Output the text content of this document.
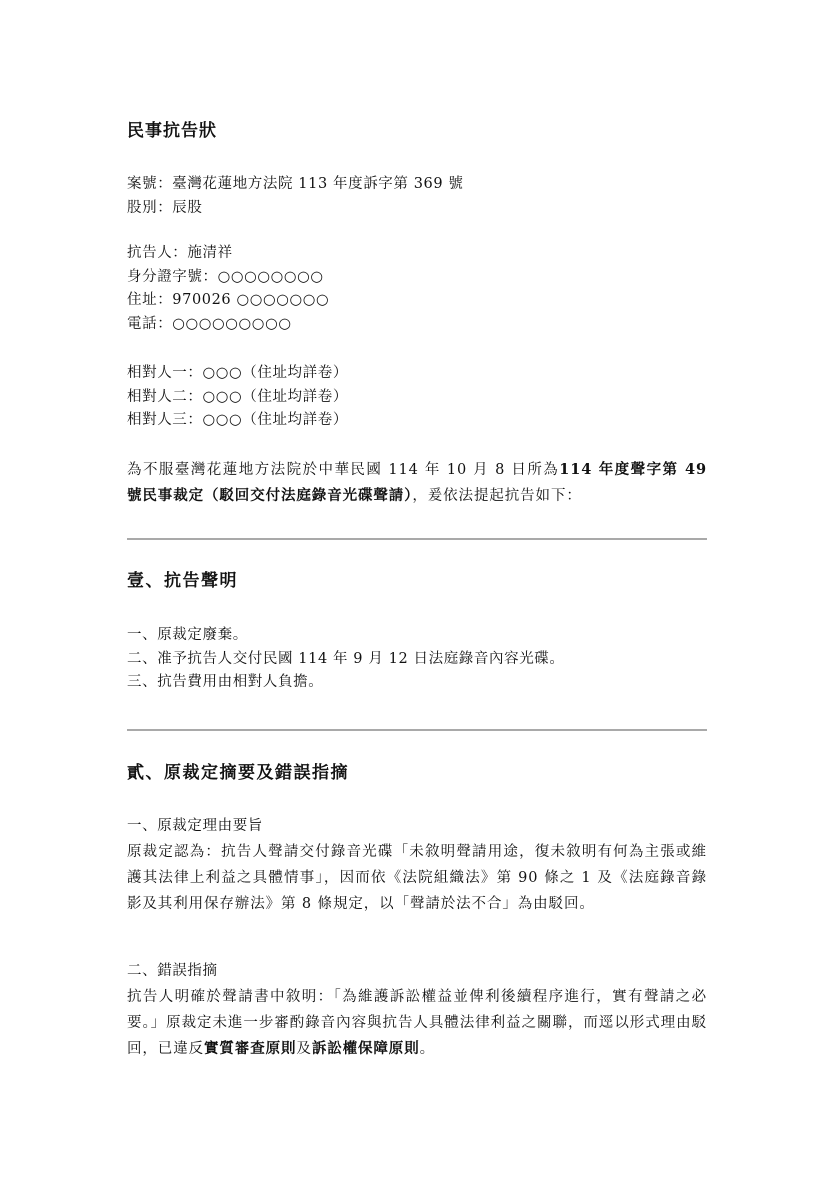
民事抗告狀
案號：臺灣花蓮地方法院 113 年度訴字第 369 號
股別：辰股
抗告人：施清祥
身分證字號：○○○○○○○○
住址：970026 ○○○○○○○
電話：○○○○○○○○○
相對人一：○○○（住址均詳卷）
相對人二：○○○（住址均詳卷）
相對人三：○○○（住址均詳卷）
為不服臺灣花蓮地方法院於中華民國 114 年 10 月 8 日所為114 年度聲字第 49 號民事裁定（駁回交付法庭錄音光碟聲請），爰依法提起抗告如下：
壹、抗告聲明
一、原裁定廢棄。
二、准予抗告人交付民國 114 年 9 月 12 日法庭錄音內容光碟。
三、抗告費用由相對人負擔。
貳、原裁定摘要及錯誤指摘
一、原裁定理由要旨
原裁定認為：抗告人聲請交付錄音光碟「未敘明聲請用途，復未敘明有何為主張或維護其法律上利益之具體情事」，因而依《法院組織法》第 90 條之 1 及《法庭錄音錄影及其利用保存辦法》第 8 條規定，以「聲請於法不合」為由駁回。
二、錯誤指摘
抗告人明確於聲請書中敘明：「為維護訴訟權益並俾利後續程序進行，實有聲請之必要。」原裁定未進一步審酌錄音內容與抗告人具體法律利益之關聯，而逕以形式理由駁回，已違反實質審查原則及訴訟權保障原則。
